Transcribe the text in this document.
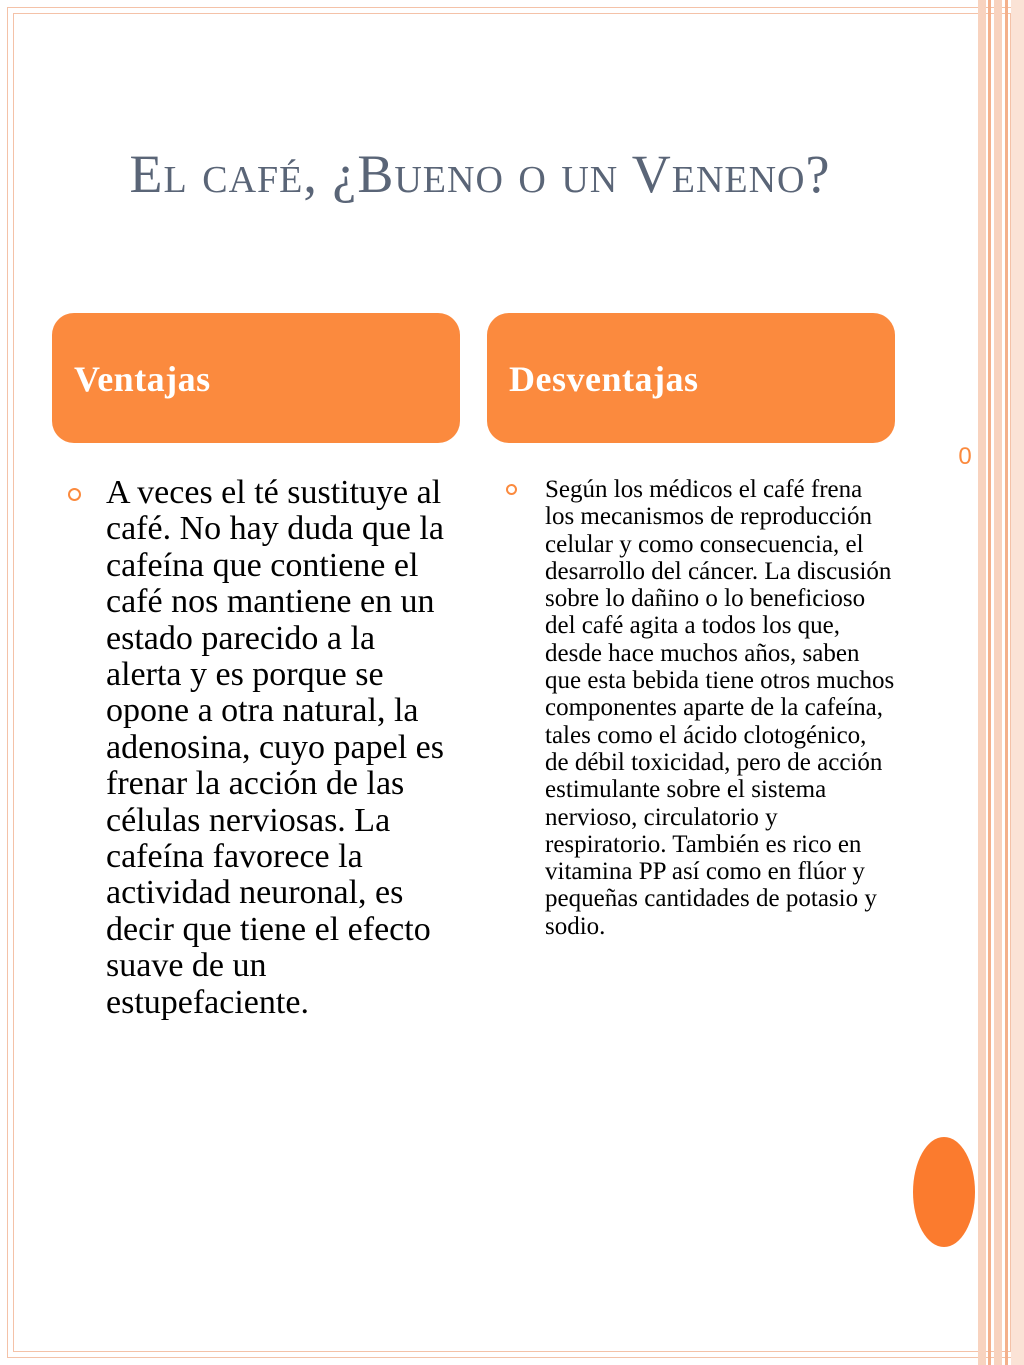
El café, ¿Bueno o un Veneno?
Ventajas	Desventajas
0

A veces el té sustituye al café. No hay duda que la cafeína que contiene el café nos mantiene en un estado parecido a la alerta y es porque se opone a otra natural, la adenosina, cuyo papel es frenar la acción de las células nerviosas. La cafeína favorece la actividad neuronal, es decir que tiene el efecto suave de un estupefaciente.

Según los médicos el café frena los mecanismos de reproducción celular y como consecuencia, el desarrollo del cáncer. La discusión sobre lo dañino o lo beneficioso del café agita a todos los que, desde hace muchos años, saben que esta bebida tiene otros muchos componentes aparte de la cafeína, tales como el ácido clotogénico, de débil toxicidad, pero de acción estimulante sobre el sistema nervioso, circulatorio y respiratorio. También es rico en vitamina PP así como en flúor y pequeñas cantidades de potasio y sodio.
